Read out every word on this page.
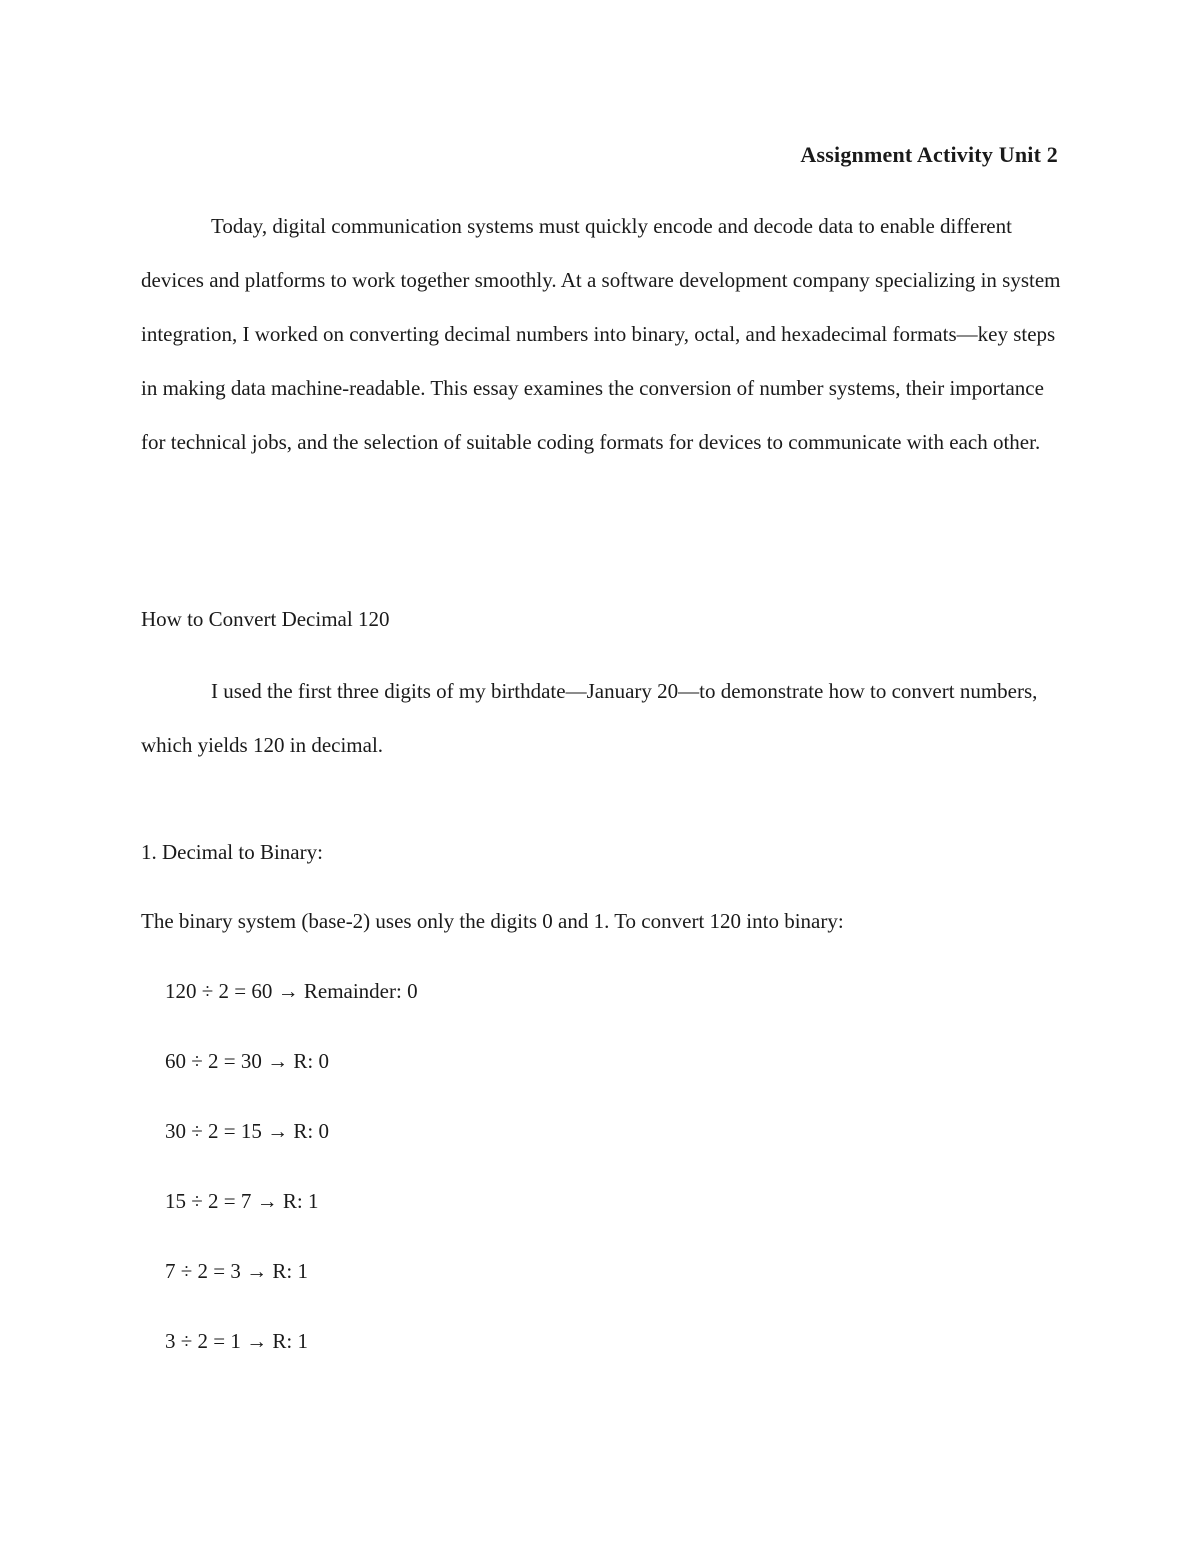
Assignment Activity Unit 2

Today, digital communication systems must quickly encode and decode data to enable different devices and platforms to work together smoothly. At a software development company specializing in system integration, I worked on converting decimal numbers into binary, octal, and hexadecimal formats—key steps in making data machine-readable. This essay examines the conversion of number systems, their importance for technical jobs, and the selection of suitable coding formats for devices to communicate with each other.

How to Convert Decimal 120

I used the first three digits of my birthdate—January 20—to demonstrate how to convert numbers, which yields 120 in decimal.

1. Decimal to Binary:

The binary system (base-2) uses only the digits 0 and 1. To convert 120 into binary:

120 ÷ 2 = 60 → Remainder: 0
60 ÷ 2 = 30 → R: 0
30 ÷ 2 = 15 → R: 0
15 ÷ 2 = 7 → R: 1
7 ÷ 2 = 3 → R: 1
3 ÷ 2 = 1 → R: 1
